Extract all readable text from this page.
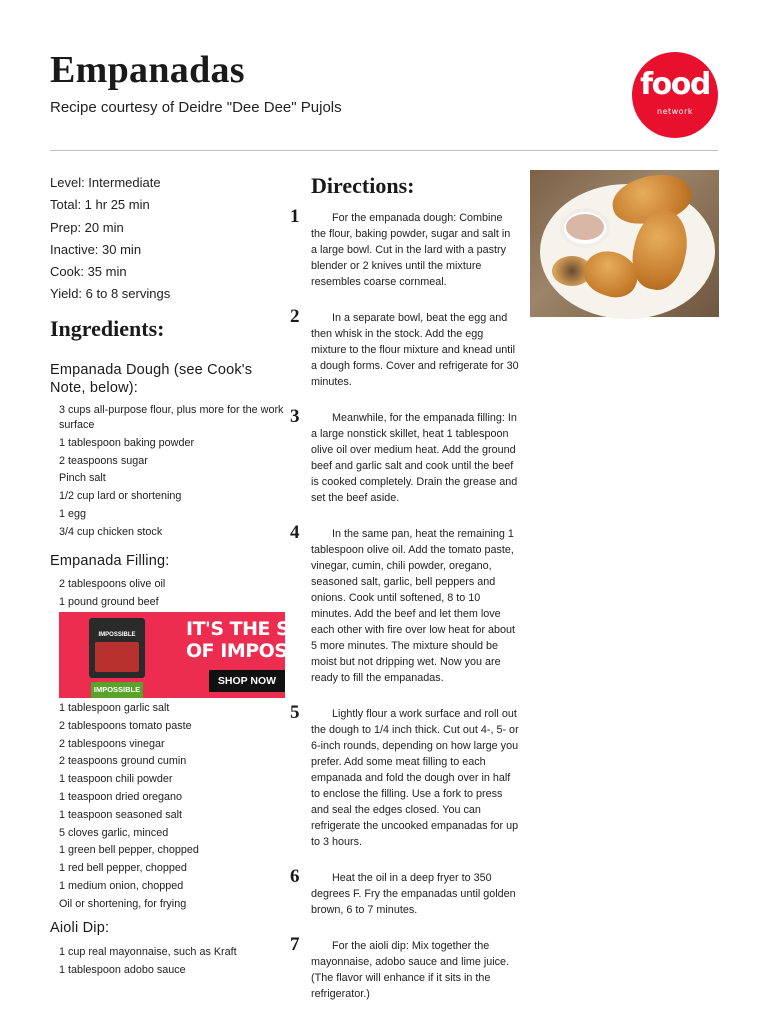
Empanadas
Recipe courtesy of Deidre "Dee Dee" Pujols
food
network
Level: Intermediate
Total: 1 hr 25 min
Prep: 20 min
Inactive: 30 min
Cook: 35 min
Yield: 6 to 8 servings
Ingredients:
Empanada Dough (see Cook's Note, below):
3 cups all-purpose flour, plus more for the work surface
1 tablespoon baking powder
2 teaspoons sugar
Pinch salt
1/2 cup lard or shortening
1 egg
3/4 cup chicken stock
Empanada Filling:
2 tablespoons olive oil
1 pound ground beef
IMPOSSIBLE
IMPOSSIBLE
IT'S THE SUM
OF IMPOSSI
SHOP NOW
1 tablespoon garlic salt
2 tablespoons tomato paste
2 tablespoons vinegar
2 teaspoons ground cumin
1 teaspoon chili powder
1 teaspoon dried oregano
1 teaspoon seasoned salt
5 cloves garlic, minced
1 green bell pepper, chopped
1 red bell pepper, chopped
1 medium onion, chopped
Oil or shortening, for frying
Aioli Dip:
1 cup real mayonnaise, such as Kraft
1 tablespoon adobo sauce
Directions:
1	For the empanada dough: Combine the flour, baking powder, sugar and salt in a large bowl. Cut in the lard with a pastry blender or 2 knives until the mixture resembles coarse cornmeal.
2	In a separate bowl, beat the egg and then whisk in the stock. Add the egg mixture to the flour mixture and knead until a dough forms. Cover and refrigerate for 30 minutes.
3	Meanwhile, for the empanada filling: In a large nonstick skillet, heat 1 tablespoon olive oil over medium heat. Add the ground beef and garlic salt and cook until the beef is cooked completely. Drain the grease and set the beef aside.
4	In the same pan, heat the remaining 1 tablespoon olive oil. Add the tomato paste, vinegar, cumin, chili powder, oregano, seasoned salt, garlic, bell peppers and onions. Cook until softened, 8 to 10 minutes. Add the beef and let them love each other with fire over low heat for about 5 more minutes. The mixture should be moist but not dripping wet. Now you are ready to fill the empanadas.
5	Lightly flour a work surface and roll out the dough to 1/4 inch thick. Cut out 4-, 5- or 6-inch rounds, depending on how large you prefer. Add some meat filling to each empanada and fold the dough over in half to enclose the filling. Use a fork to press and seal the edges closed. You can refrigerate the uncooked empanadas for up to 3 hours.
6	Heat the oil in a deep fryer to 350 degrees F. Fry the empanadas until golden brown, 6 to 7 minutes.
7	For the aioli dip: Mix together the mayonnaise, adobo sauce and lime juice. (The flavor will enhance if it sits in the refrigerator.)
